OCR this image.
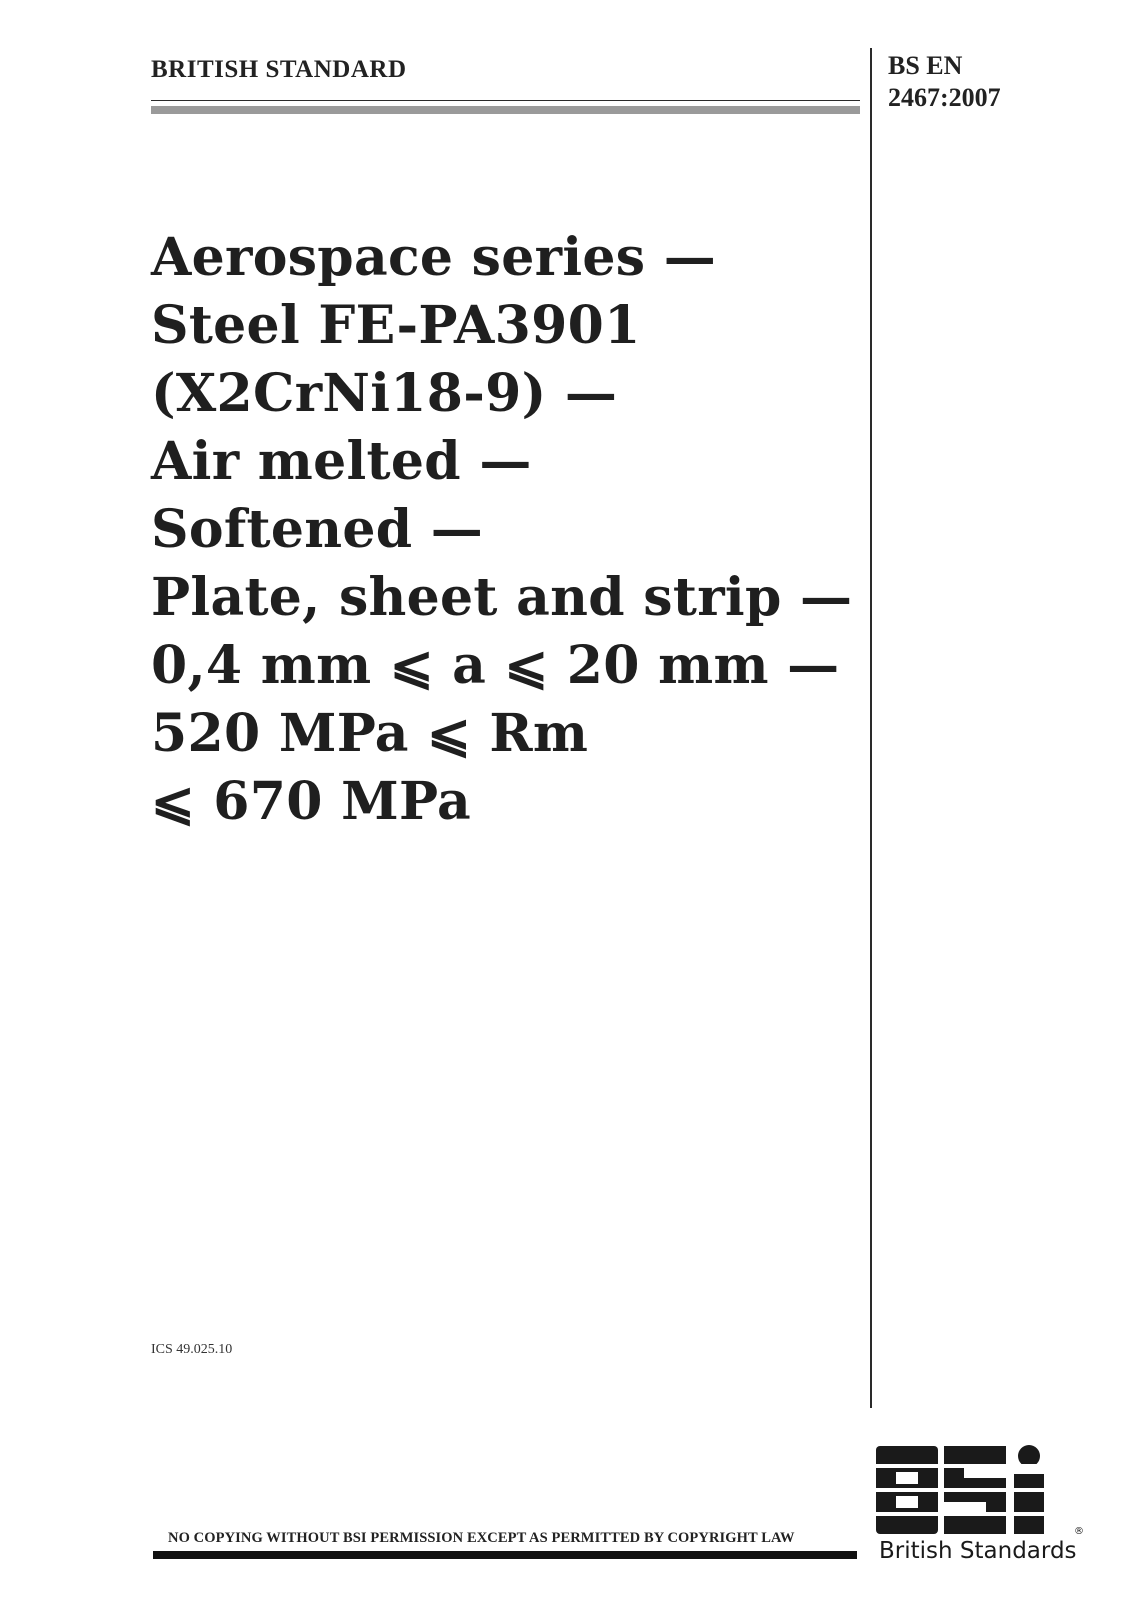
BRITISH STANDARD	BS EN
2467:2007
Aerospace series —
Steel FE-PA3901
(X2CrNi18-9) —
Air melted —
Softened —
Plate, sheet and strip —
0,4 mm ⩽ a ⩽ 20 mm —
520 MPa ⩽ Rm
⩽ 670 MPa
ICS 49.025.10
NO COPYING WITHOUT BSI PERMISSION EXCEPT AS PERMITTED BY COPYRIGHT LAW	®
British Standards
